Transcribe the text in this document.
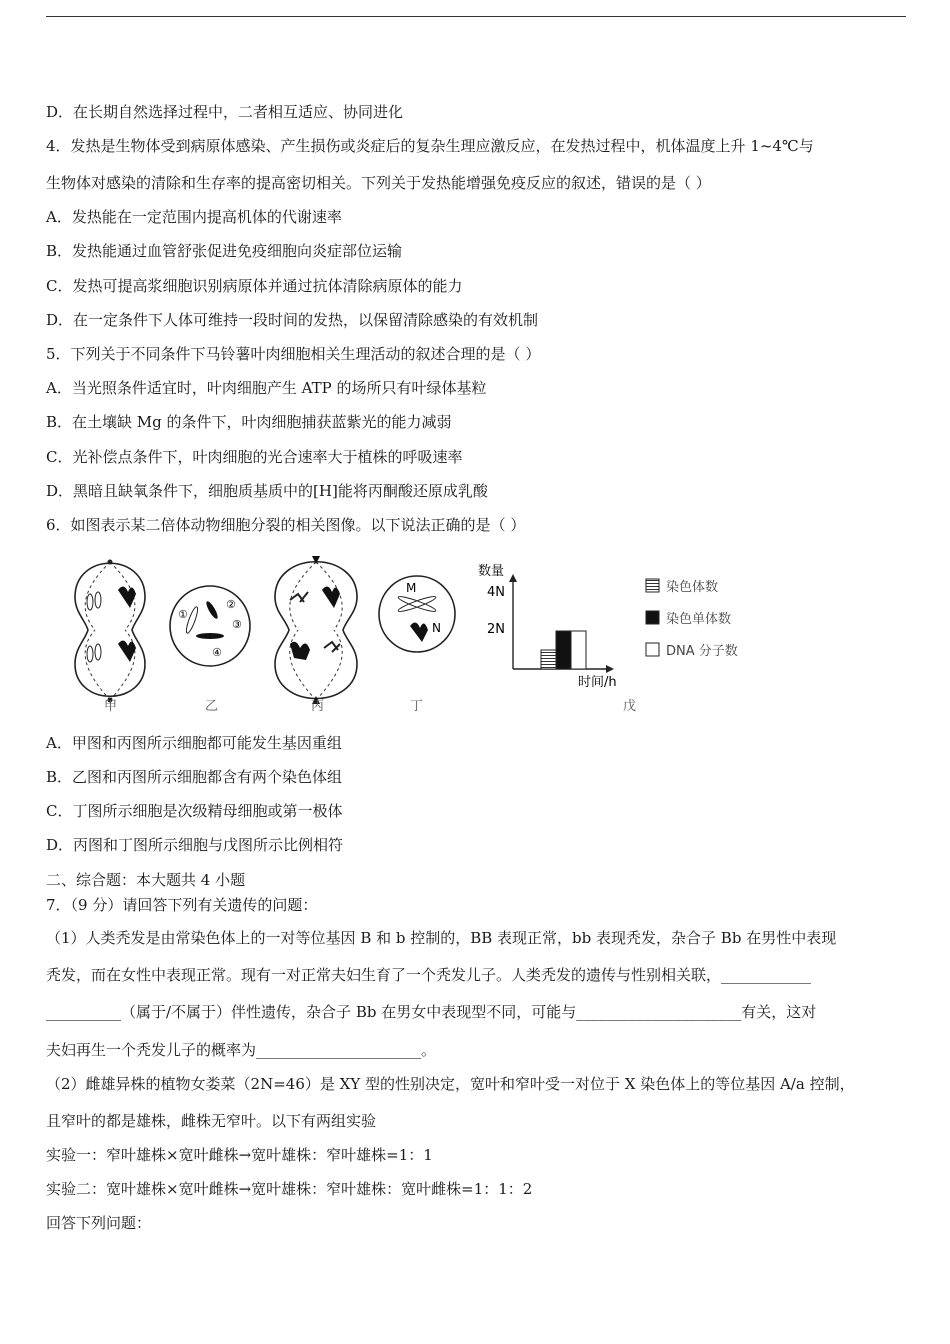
D．在长期自然选择过程中，二者相互适应、协同进化
4．发热是生物体受到病原体感染、产生损伤或炎症后的复杂生理应激反应，在发热过程中，机体温度上升 1~4℃与
生物体对感染的清除和生存率的提高密切相关。下列关于发热能增强免疫反应的叙述，错误的是（ ）
A．发热能在一定范围内提高机体的代谢速率
B．发热能通过血管舒张促进免疫细胞向炎症部位运输
C．发热可提高浆细胞识别病原体并通过抗体清除病原体的能力
D．在一定条件下人体可维持一段时间的发热，以保留清除感染的有效机制
5．下列关于不同条件下马铃薯叶肉细胞相关生理活动的叙述合理的是（ ）
A．当光照条件适宜时，叶肉细胞产生 ATP 的场所只有叶绿体基粒
B．在土壤缺 Mg 的条件下，叶肉细胞捕获蓝紫光的能力减弱
C．光补偿点条件下，叶肉细胞的光合速率大于植株的呼吸速率
D．黑暗且缺氧条件下，细胞质基质中的[H]能将丙酮酸还原成乳酸
6．如图表示某二倍体动物细胞分裂的相关图像。以下说法正确的是（ ）
A．甲图和丙图所示细胞都可能发生基因重组
B．乙图和丙图所示细胞都含有两个染色体组
C．丁图所示细胞是次级精母细胞或第一极体
D．丙图和丁图所示细胞与戊图所示比例相符
二、综合题：本大题共 4 小题
7．（9 分）请回答下列有关遗传的问题：
（1）人类秃发是由常染色体上的一对等位基因 B 和 b 控制的，BB 表现正常，bb 表现秃发，杂合子 Bb 在男性中表现
秃发，而在女性中表现正常。现有一对正常夫妇生育了一个秃发儿子。人类秃发的遗传与性别相关联，____________
__________（属于/不属于）伴性遗传，杂合子 Bb 在男女中表现型不同，可能与______________________有关，这对
夫妇再生一个秃发儿子的概率为______________________。
（2）雌雄异株的植物女娄菜（2N=46）是 XY 型的性别决定，宽叶和窄叶受一对位于 X 染色体上的等位基因 A/a 控制，
且窄叶的都是雄株，雌株无窄叶。以下有两组实验
实验一：窄叶雄株×宽叶雌株→宽叶雄株：窄叶雄株=1：1
实验二：宽叶雄株×宽叶雌株→宽叶雄株：窄叶雄株：宽叶雌株=1：1：2
回答下列问题：
①
②
③
④
M
N
数量
4N
2N
时间/h
染色体数
染色单体数
DNA 分子数
甲	乙	丙	丁	戊
